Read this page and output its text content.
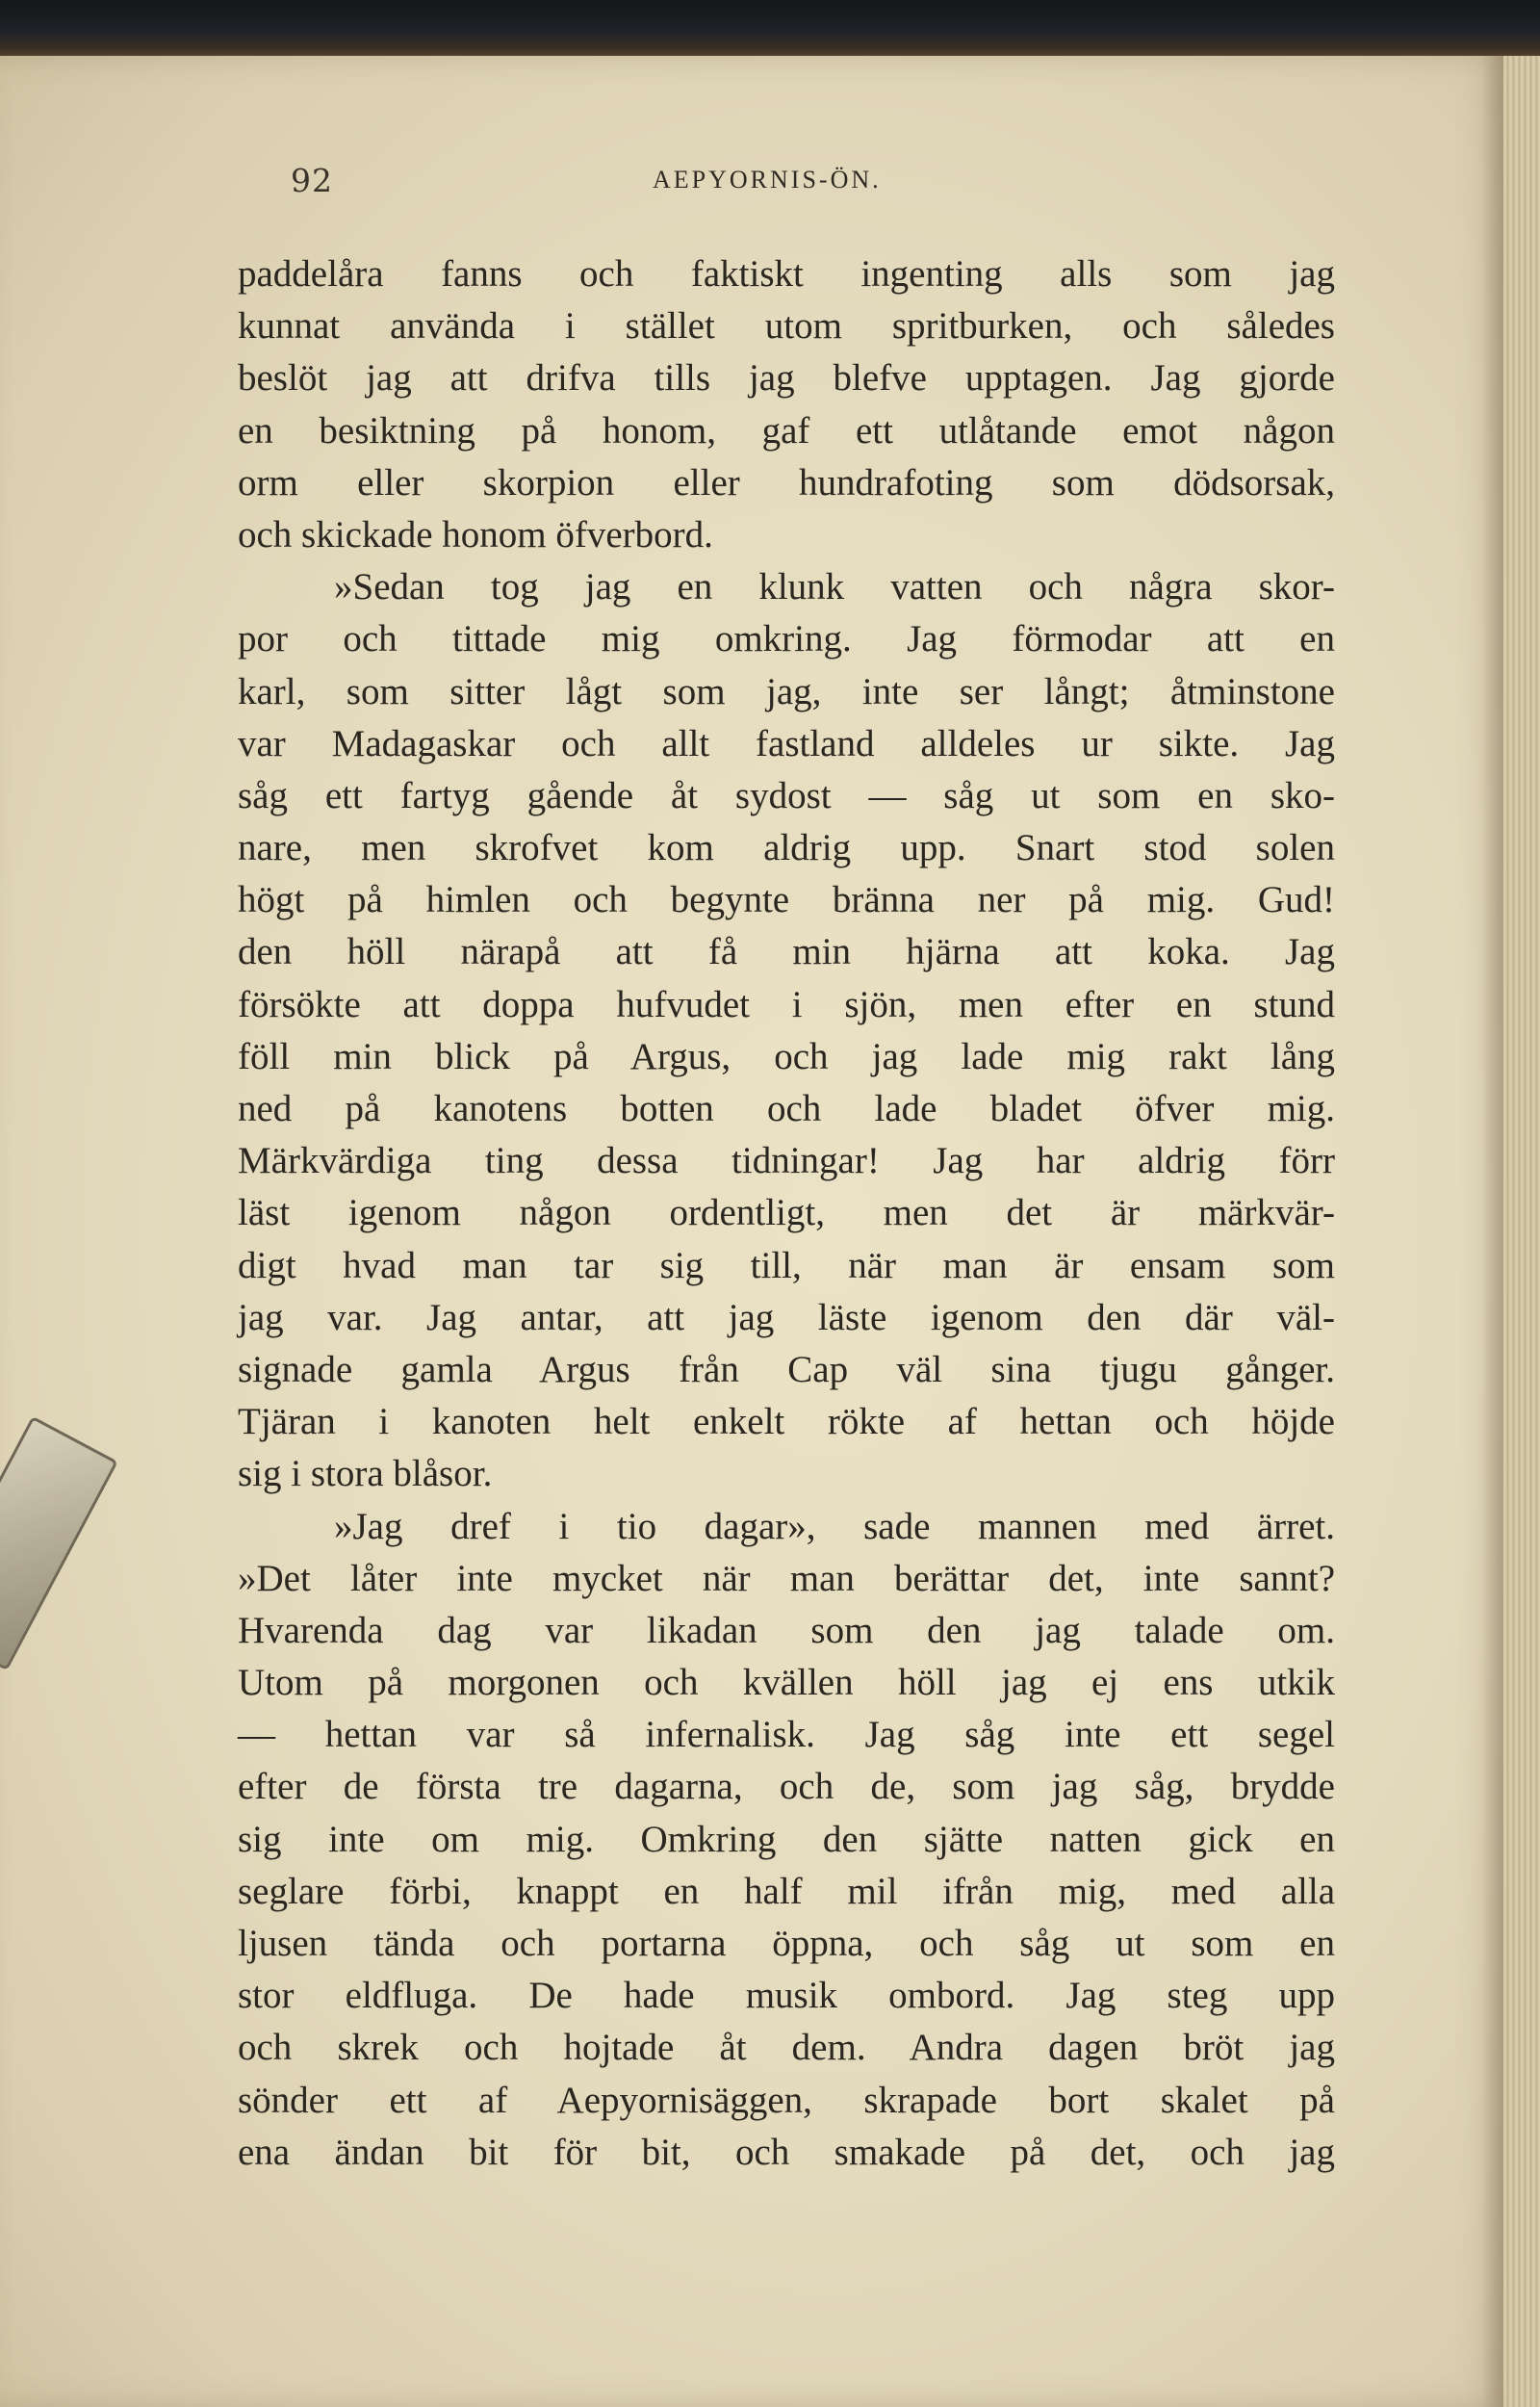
92	AEPYORNIS-ÖN.
paddelåra fanns och faktiskt ingenting alls som jag
kunnat använda i stället utom spritburken, och således
beslöt jag att drifva tills jag blefve upptagen. Jag gjorde
en besiktning på honom, gaf ett utlåtande emot någon
orm eller skorpion eller hundrafoting som dödsorsak,
och skickade honom öfverbord.
»Sedan tog jag en klunk vatten och några skor-
por och tittade mig omkring. Jag förmodar att en
karl, som sitter lågt som jag, inte ser långt; åtminstone
var Madagaskar och allt fastland alldeles ur sikte. Jag
såg ett fartyg gående åt sydost — såg ut som en sko-
nare, men skrofvet kom aldrig upp. Snart stod solen
högt på himlen och begynte bränna ner på mig. Gud!
den höll närapå att få min hjärna att koka. Jag
försökte att doppa hufvudet i sjön, men efter en stund
föll min blick på Argus, och jag lade mig rakt lång
ned på kanotens botten och lade bladet öfver mig.
Märkvärdiga ting dessa tidningar! Jag har aldrig förr
läst igenom någon ordentligt, men det är märkvär-
digt hvad man tar sig till, när man är ensam som
jag var. Jag antar, att jag läste igenom den där väl-
signade gamla Argus från Cap väl sina tjugu gånger.
Tjäran i kanoten helt enkelt rökte af hettan och höjde
sig i stora blåsor.
»Jag dref i tio dagar», sade mannen med ärret.
»Det låter inte mycket när man berättar det, inte sannt?
Hvarenda dag var likadan som den jag talade om.
Utom på morgonen och kvällen höll jag ej ens utkik
— hettan var så infernalisk. Jag såg inte ett segel
efter de första tre dagarna, och de, som jag såg, brydde
sig inte om mig. Omkring den sjätte natten gick en
seglare förbi, knappt en half mil ifrån mig, med alla
ljusen tända och portarna öppna, och såg ut som en
stor eldfluga. De hade musik ombord. Jag steg upp
och skrek och hojtade åt dem. Andra dagen bröt jag
sönder ett af Aepyornisäggen, skrapade bort skalet på
ena ändan bit för bit, och smakade på det, och jag
